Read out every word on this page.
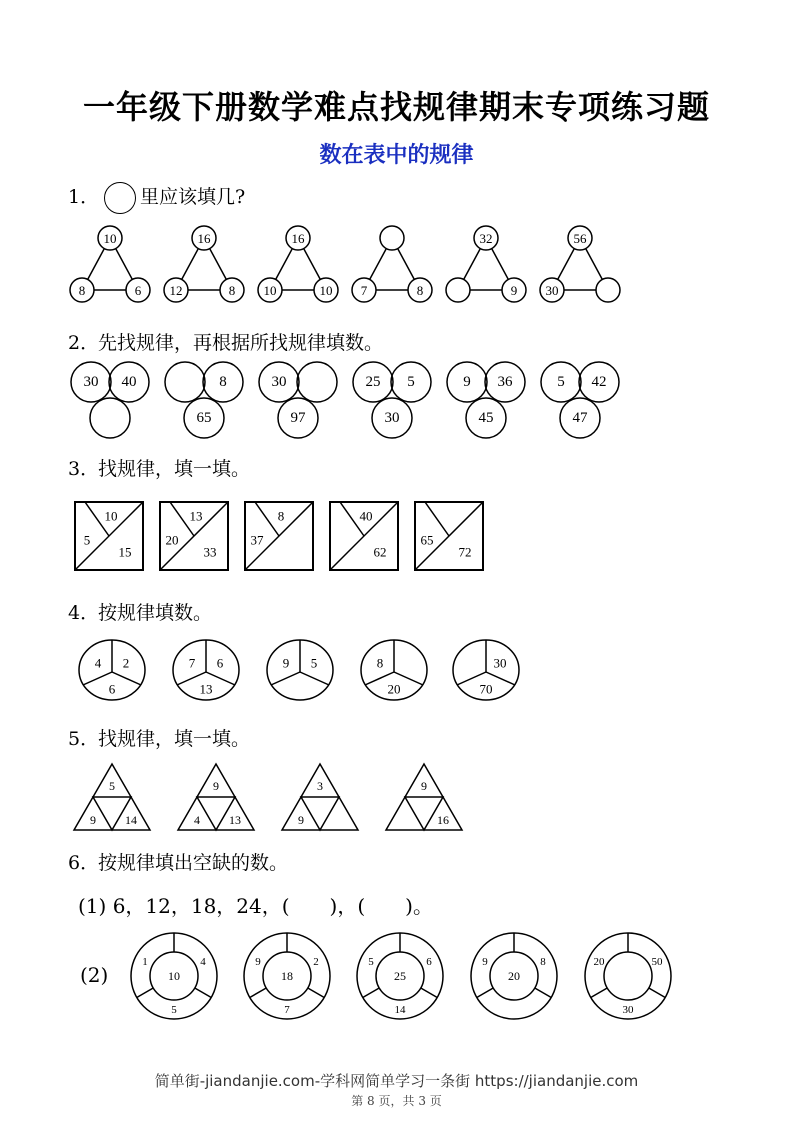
一年级下册数学难点找规律期末专项练习题
数在表中的规律
1． 里应该填几?
10
8	6
16
12	8
16
10	10 7	8
32
9
56
30
2．先找规律，再根据所找规律填数。
30 40	8
65
30
97
25 5
30
9 36
45
5 42
47
3．找规律，填一填。
10
5
15
13
20
33
8
37
40
62
65
72
4．按规律填数。
4 2
6
7 6
13
9 5	8
20
30
70
5．找规律，填一填。
5
9 14
9
4 13
3
9
9
16
6．按规律填出空缺的数。
(1) 6，12，18，24，(　　)，(　　)。
(2)
1	4
5
10
9	2
7
18
5	6
14
25
9	8
20
20	50
30
简单街-jiandanjie.com-学科网简单学习一条街 https://jiandanjie.com
第 8 页，共 3 页
